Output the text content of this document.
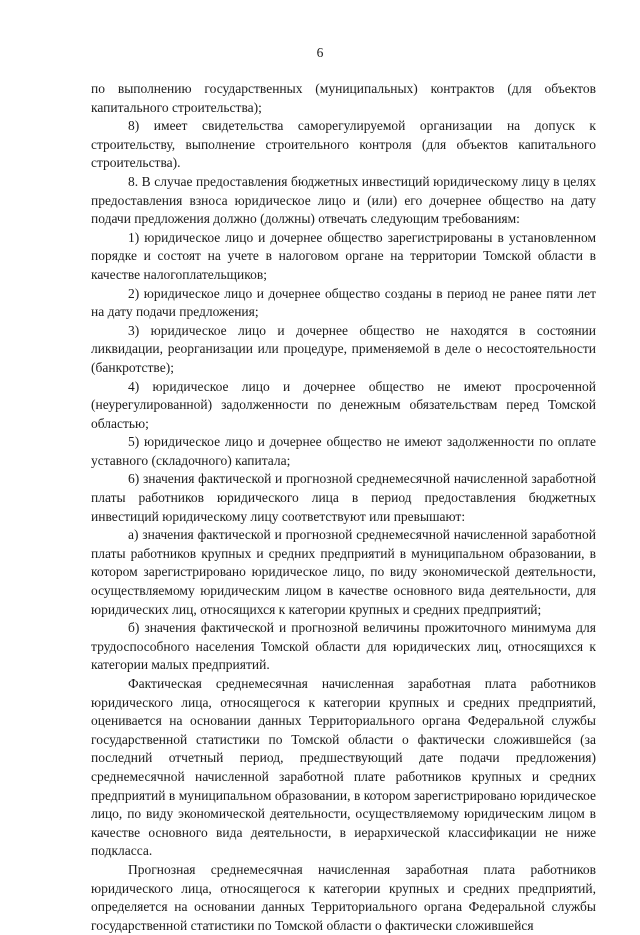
6

по выполнению государственных (муниципальных) контрактов (для объектов капитального строительства);

8) имеет свидетельства саморегулируемой организации на допуск к строительству, выполнение строительного контроля (для объектов капитального строительства).

8. В случае предоставления бюджетных инвестиций юридическому лицу в целях предоставления взноса юридическое лицо и (или) его дочернее общество на дату подачи предложения должно (должны) отвечать следующим требованиям:

1) юридическое лицо и дочернее общество зарегистрированы в установленном порядке и состоят на учете в налоговом органе на территории Томской области в качестве налогоплательщиков;

2) юридическое лицо и дочернее общество созданы в период не ранее пяти лет на дату подачи предложения;

3) юридическое лицо и дочернее общество не находятся в состоянии ликвидации, реорганизации или процедуре, применяемой в деле о несостоятельности (банкротстве);

4) юридическое лицо и дочернее общество не имеют просроченной (неурегулированной) задолженности по денежным обязательствам перед Томской областью;

5) юридическое лицо и дочернее общество не имеют задолженности по оплате уставного (складочного) капитала;

6) значения фактической и прогнозной среднемесячной начисленной заработной платы работников юридического лица в период предоставления бюджетных инвестиций юридическому лицу соответствуют или превышают:

а) значения фактической и прогнозной среднемесячной начисленной заработной платы работников крупных и средних предприятий в муниципальном образовании, в котором зарегистрировано юридическое лицо, по виду экономической деятельности, осуществляемому юридическим лицом в качестве основного вида деятельности, для юридических лиц, относящихся к категории крупных и средних предприятий;

б) значения фактической и прогнозной величины прожиточного минимума для трудоспособного населения Томской области для юридических лиц, относящихся к категории малых предприятий.

Фактическая среднемесячная начисленная заработная плата работников юридического лица, относящегося к категории крупных и средних предприятий, оценивается на основании данных Территориального органа Федеральной службы государственной статистики по Томской области о фактически сложившейся (за последний отчетный период, предшествующий дате подачи предложения) среднемесячной начисленной заработной плате работников крупных и средних предприятий в муниципальном образовании, в котором зарегистрировано юридическое лицо, по виду экономической деятельности, осуществляемому юридическим лицом в качестве основного вида деятельности, в иерархической классификации не ниже подкласса.

Прогнозная среднемесячная начисленная заработная плата работников юридического лица, относящегося к категории крупных и средних предприятий, определяется на основании данных Территориального органа Федеральной службы государственной статистики по Томской области о фактически сложившейся
